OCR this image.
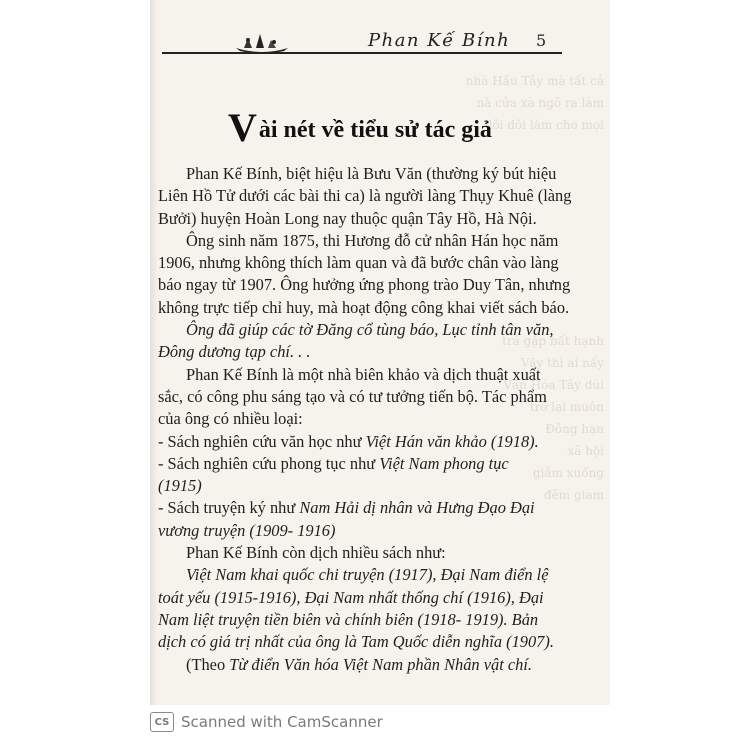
nhà Hầu Tây mà tất cả
nà cửa xà ngõ ra làm
lôi dõi làm cho mọi
trả gặp bất hạnh
Vậy thì ai nấy
Văn Hóa Tây dùi
trở lại muôn
Đông hạn
xã hội
giảm xuống
đêm giam
Phan Kế Bính 5
Vài nét về tiểu sử tác giả
Phan Kế Bính, biệt hiệu là Bưu Văn (thường ký bút hiệu
Liên Hồ Tử dưới các bài thi ca) là người làng Thụy Khuê (làng
Bưởi) huyện Hoàn Long nay thuộc quận Tây Hồ, Hà Nội.
Ông sinh năm 1875, thi Hương đỗ cử nhân Hán học năm
1906, nhưng không thích làm quan và đã bước chân vào làng
báo ngay từ 1907. Ông hưởng ứng phong trào Duy Tân, nhưng
không trực tiếp chỉ huy, mà hoạt động công khai viết sách báo.
Ông đã giúp các tờ Đăng cổ tùng báo, Lục tỉnh tân văn,
Đông dương tạp chí. . .
Phan Kế Bính là một nhà biên khảo và dịch thuật xuất
sắc, có công phu sáng tạo và có tư tưởng tiến bộ. Tác phẩm
của ông có nhiều loại:
- Sách nghiên cứu văn học như Việt Hán văn khảo (1918).
- Sách nghiên cứu phong tục như Việt Nam phong tục
(1915)
- Sách truyện ký như Nam Hải dị nhân và Hưng Đạo Đại
vương truyện (1909- 1916)
Phan Kế Bính còn dịch nhiều sách như:
Việt Nam khai quốc chi truyện (1917), Đại Nam điển lệ
toát yếu (1915-1916), Đại Nam nhất thống chí (1916), Đại
Nam liệt truyện tiền biên và chính biên (1918- 1919). Bản
dịch có giá trị nhất của ông là Tam Quốc diễn nghĩa (1907).
(Theo Từ điển Văn hóa Việt Nam phần Nhân vật chí.
CS Scanned with CamScanner
